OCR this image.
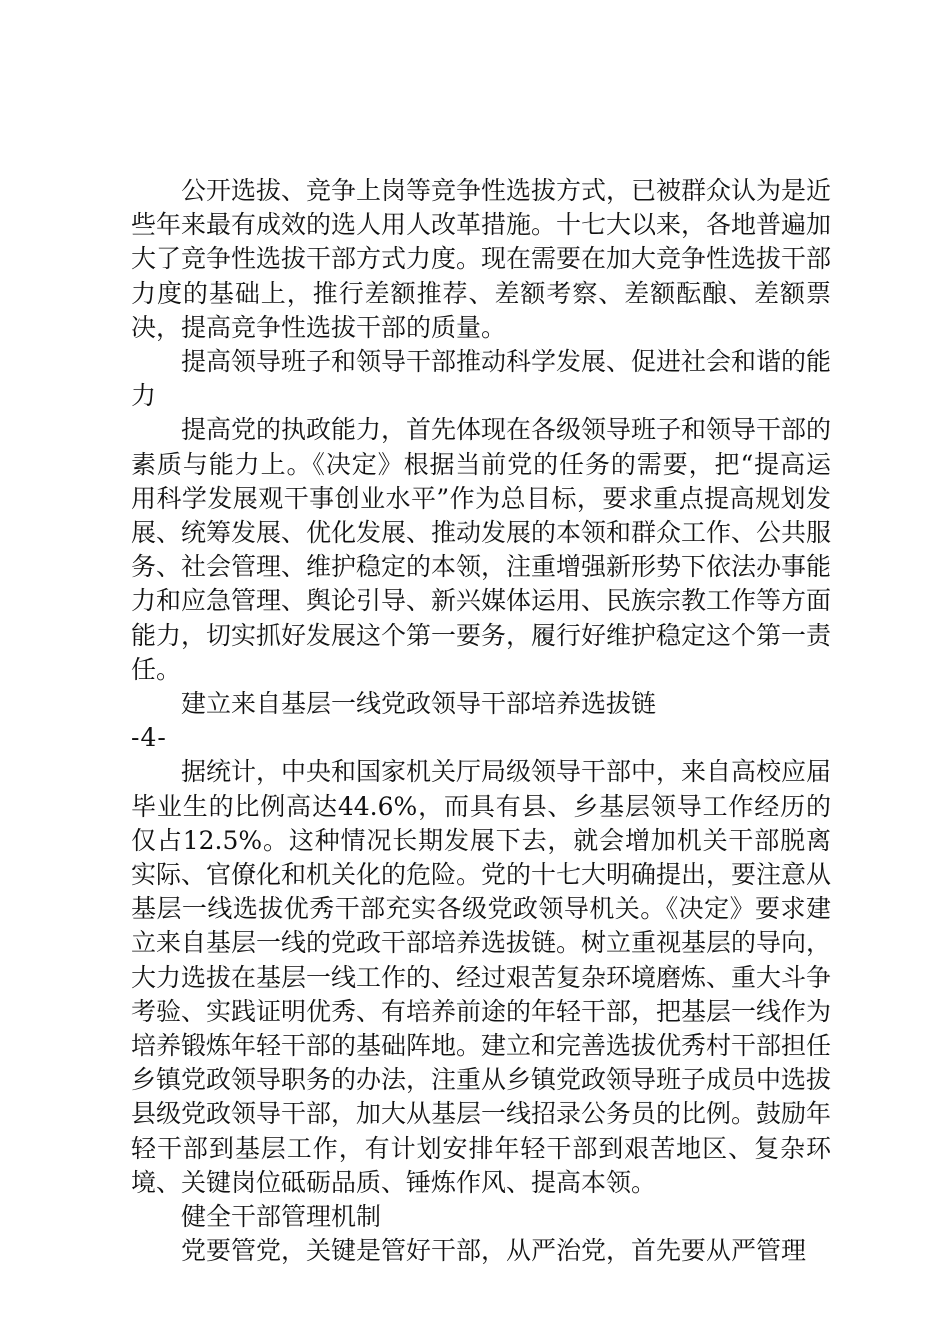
公开选拔、竞争上岗等竞争性选拔方式，已被群众认为是近些年来最有成效的选人用人改革措施。十七大以来，各地普遍加大了竞争性选拔干部方式力度。现在需要在加大竞争性选拔干部力度的基础上，推行差额推荐、差额考察、差额酝酿、差额票决，提高竞争性选拔干部的质量。

提高领导班子和领导干部推动科学发展、促进社会和谐的能力

提高党的执政能力，首先体现在各级领导班子和领导干部的素质与能力上。《决定》根据当前党的任务的需要，把“提高运用科学发展观干事创业水平”作为总目标，要求重点提高规划发展、统筹发展、优化发展、推动发展的本领和群众工作、公共服务、社会管理、维护稳定的本领，注重增强新形势下依法办事能力和应急管理、舆论引导、新兴媒体运用、民族宗教工作等方面能力，切实抓好发展这个第一要务，履行好维护稳定这个第一责任。

建立来自基层一线党政领导干部培养选拔链

-4-

据统计，中央和国家机关厅局级领导干部中，来自高校应届毕业生的比例高达44.6%，而具有县、乡基层领导工作经历的仅占12.5%。这种情况长期发展下去，就会增加机关干部脱离实际、官僚化和机关化的危险。党的十七大明确提出，要注意从基层一线选拔优秀干部充实各级党政领导机关。《决定》要求建立来自基层一线的党政干部培养选拔链。树立重视基层的导向，大力选拔在基层一线工作的、经过艰苦复杂环境磨炼、重大斗争考验、实践证明优秀、有培养前途的年轻干部，把基层一线作为培养锻炼年轻干部的基础阵地。建立和完善选拔优秀村干部担任乡镇党政领导职务的办法，注重从乡镇党政领导班子成员中选拔县级党政领导干部，加大从基层一线招录公务员的比例。鼓励年轻干部到基层工作，有计划安排年轻干部到艰苦地区、复杂环境、关键岗位砥砺品质、锤炼作风、提高本领。

健全干部管理机制

党要管党，关键是管好干部，从严治党，首先要从严管理
